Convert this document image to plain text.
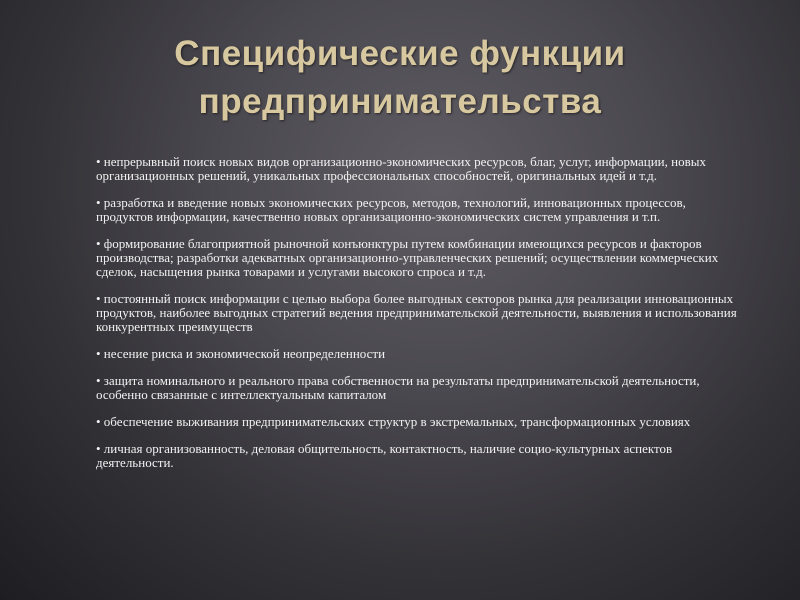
Специфические функции
предпринимательства

• непрерывный поиск новых видов организационно-экономических ресурсов, благ, услуг, информации, новых организационных решений, уникальных профессиональных способностей, оригинальных идей и т.д.

• разработка и введение новых экономических ресурсов, методов, технологий, инновационных процессов, продуктов информации, качественно новых организационно-экономических систем управления и т.п.

• формирование благоприятной рыночной конъюнктуры путем комбинации имеющихся ресурсов и факторов производства; разработки адекватных организационно-управленческих решений; осуществлении коммерческих сделок, насыщения рынка товарами и услугами высокого спроса и т.д.

• постоянный поиск информации с целью выбора более выгодных секторов рынка для реализации инновационных продуктов, наиболее выгодных стратегий ведения предпринимательской деятельности, выявления и использования конкурентных преимуществ

• несение риска и экономической неопределенности

• защита номинального и реального права собственности на результаты предпринимательской деятельности, особенно связанные с интеллектуальным капиталом

• обеспечение выживания предпринимательских структур в экстремальных, трансформационных условиях

• личная организованность, деловая общительность, контактность, наличие социо-культурных аспектов деятельности.
